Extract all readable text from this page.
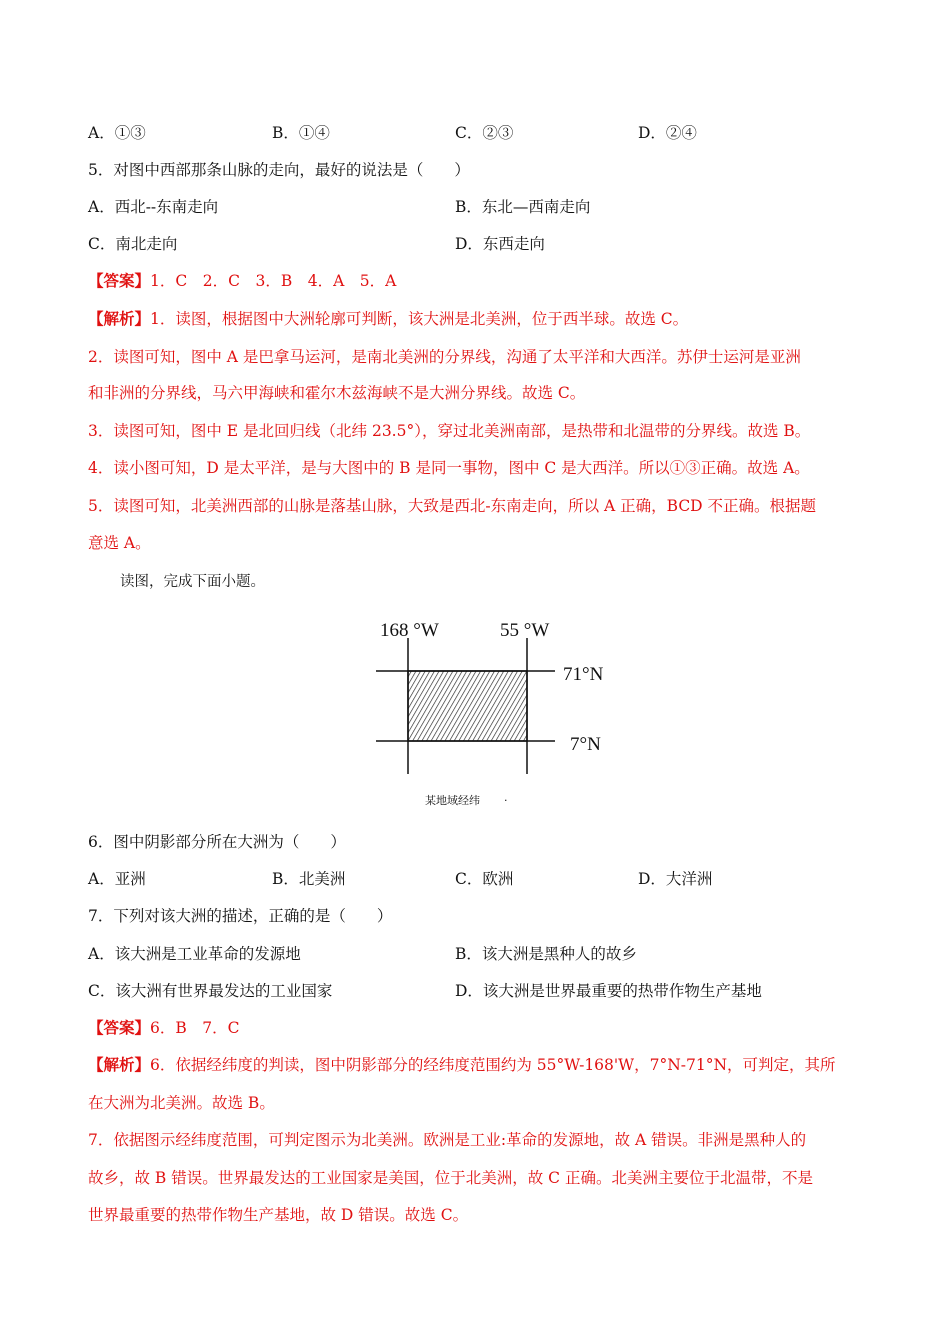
A．①③	B．①④	C．②③	D．②④
5．对图中西部那条山脉的走向，最好的说法是（　　）
A．西北--东南走向	B．东北—西南走向
C．南北走向	D．东西走向
【答案】1．C　2．C　3．B　4．A　5．A
【解析】1．读图，根据图中大洲轮廓可判断，该大洲是北美洲，位于西半球。故选 C。
2．读图可知，图中 A 是巴拿马运河，是南北美洲的分界线，沟通了太平洋和大西洋。苏伊士运河是亚洲
和非洲的分界线，马六甲海峡和霍尔木兹海峡不是大洲分界线。故选 C。
3．读图可知，图中 E 是北回归线（北纬 23.5°），穿过北美洲南部，是热带和北温带的分界线。故选 B。
4．读小图可知，D 是太平洋，是与大图中的 B 是同一事物，图中 C 是大西洋。所以①③正确。故选 A。
5．读图可知，北美洲西部的山脉是落基山脉，大致是西北-东南走向，所以 A 正确，BCD 不正确。根据题
意选 A。
读图，完成下面小题。
168 °W	55 °W
71°N
7°N
某地域经纬 ·
6．图中阴影部分所在大洲为（　　）
A．亚洲	B．北美洲	C．欧洲	D．大洋洲
7．下列对该大洲的描述，正确的是（　　）
A．该大洲是工业革命的发源地	B．该大洲是黑种人的故乡
C．该大洲有世界最发达的工业国家	D．该大洲是世界最重要的热带作物生产基地
【答案】6．B　7．C
【解析】6．依据经纬度的判读，图中阴影部分的经纬度范围约为 55°W-168'W，7°N-71°N，可判定，其所
在大洲为北美洲。故选 B。
7．依据图示经纬度范围，可判定图示为北美洲。欧洲是工业:革命的发源地，故 A 错误。非洲是黑种人的
故乡，故 B 错误。世界最发达的工业国家是美国，位于北美洲，故 C 正确。北美洲主要位于北温带，不是
世界最重要的热带作物生产基地，故 D 错误。故选 C。
